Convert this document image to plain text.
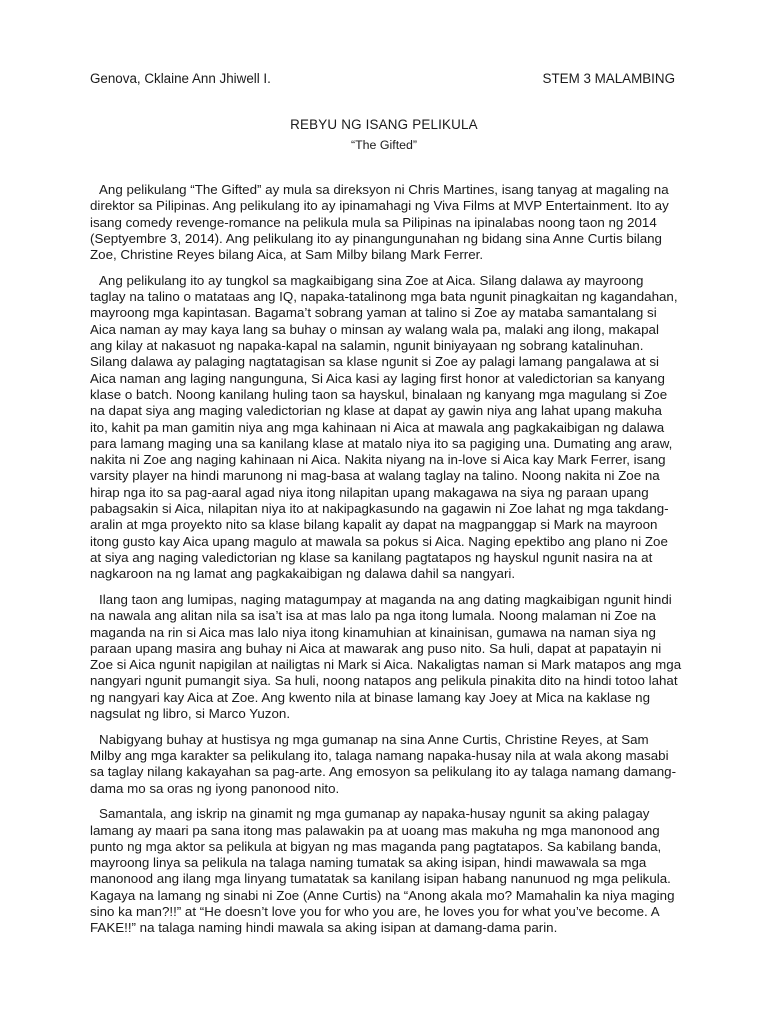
Genova, Cklaine Ann Jhiwell I.	STEM 3 MALAMBING
REBYU NG ISANG PELIKULA
“The Gifted”

Ang pelikulang “The Gifted” ay mula sa direksyon ni Chris Martines, isang tanyag at magaling na direktor sa Pilipinas. Ang pelikulang ito ay ipinamahagi ng Viva Films at MVP Entertainment. Ito ay isang comedy revenge-romance na pelikula mula sa Pilipinas na ipinalabas noong taon ng 2014 (Septyembre 3, 2014). Ang pelikulang ito ay pinangungunahan ng bidang sina Anne Curtis bilang Zoe, Christine Reyes bilang Aica, at Sam Milby bilang Mark Ferrer.

Ang pelikulang ito ay tungkol sa magkaibigang sina Zoe at Aica. Silang dalawa ay mayroong taglay na talino o matataas ang IQ, napaka-tatalinong mga bata ngunit pinagkaitan ng kagandahan, mayroong mga kapintasan. Bagama’t sobrang yaman at talino si Zoe ay mataba samantalang si Aica naman ay may kaya lang sa buhay o minsan ay walang wala pa, malaki ang ilong, makapal ang kilay at nakasuot ng napaka-kapal na salamin, ngunit biniyayaan ng sobrang katalinuhan. Silang dalawa ay palaging nagtatagisan sa klase ngunit si Zoe ay palagi lamang pangalawa at si Aica naman ang laging nangunguna, Si Aica kasi ay laging first honor at valedictorian sa kanyang klase o batch. Noong kanilang huling taon sa hayskul, binalaan ng kanyang mga magulang si Zoe na dapat siya ang maging valedictorian ng klase at dapat ay gawin niya ang lahat upang makuha ito, kahit pa man gamitin niya ang mga kahinaan ni Aica at mawala ang pagkakaibigan ng dalawa para lamang maging una sa kanilang klase at matalo niya ito sa pagiging una. Dumating ang araw, nakita ni Zoe ang naging kahinaan ni Aica. Nakita niyang na in-love si Aica kay Mark Ferrer, isang varsity player na hindi marunong ni mag-basa at walang taglay na talino. Noong nakita ni Zoe na hirap nga ito sa pag-aaral agad niya itong nilapitan upang makagawa na siya ng paraan upang pabagsakin si Aica, nilapitan niya ito at nakipagkasundo na gagawin ni Zoe lahat ng mga takdang-aralin at mga proyekto nito sa klase bilang kapalit ay dapat na magpanggap si Mark na mayroon itong gusto kay Aica upang magulo at mawala sa pokus si Aica. Naging epektibo ang plano ni Zoe at siya ang naging valedictorian ng klase sa kanilang pagtatapos ng hayskul ngunit nasira na at nagkaroon na ng lamat ang pagkakaibigan ng dalawa dahil sa nangyari.

Ilang taon ang lumipas, naging matagumpay at maganda na ang dating magkaibigan ngunit hindi na nawala ang alitan nila sa isa’t isa at mas lalo pa nga itong lumala. Noong malaman ni Zoe na maganda na rin si Aica mas lalo niya itong kinamuhian at kinainisan, gumawa na naman siya ng paraan upang masira ang buhay ni Aica at mawarak ang puso nito. Sa huli, dapat at papatayin ni Zoe si Aica ngunit napigilan at nailigtas ni Mark si Aica. Nakaligtas naman si Mark matapos ang mga nangyari ngunit pumangit siya. Sa huli, noong natapos ang pelikula pinakita dito na hindi totoo lahat ng nangyari kay Aica at Zoe. Ang kwento nila at binase lamang kay Joey at Mica na kaklase ng nagsulat ng libro, si Marco Yuzon.

Nabigyang buhay at hustisya ng mga gumanap na sina Anne Curtis, Christine Reyes, at Sam Milby ang mga karakter sa pelikulang ito, talaga namang napaka-husay nila at wala akong masabi sa taglay nilang kakayahan sa pag-arte. Ang emosyon sa pelikulang ito ay talaga namang damang-dama mo sa oras ng iyong panonood nito.

Samantala, ang iskrip na ginamit ng mga gumanap ay napaka-husay ngunit sa aking palagay lamang ay maari pa sana itong mas palawakin pa at uoang mas makuha ng mga manonood ang punto ng mga aktor sa pelikula at bigyan ng mas maganda pang pagtatapos. Sa kabilang banda, mayroong linya sa pelikula na talaga naming tumatak sa aking isipan, hindi mawawala sa mga manonood ang ilang mga linyang tumatatak sa kanilang isipan habang nanunuod ng mga pelikula. Kagaya na lamang ng sinabi ni Zoe (Anne Curtis) na “Anong akala mo? Mamahalin ka niya maging sino ka man?!!” at “He doesn’t love you for who you are, he loves you for what you’ve become. A FAKE!!” na talaga naming hindi mawala sa aking isipan at damang-dama parin.
